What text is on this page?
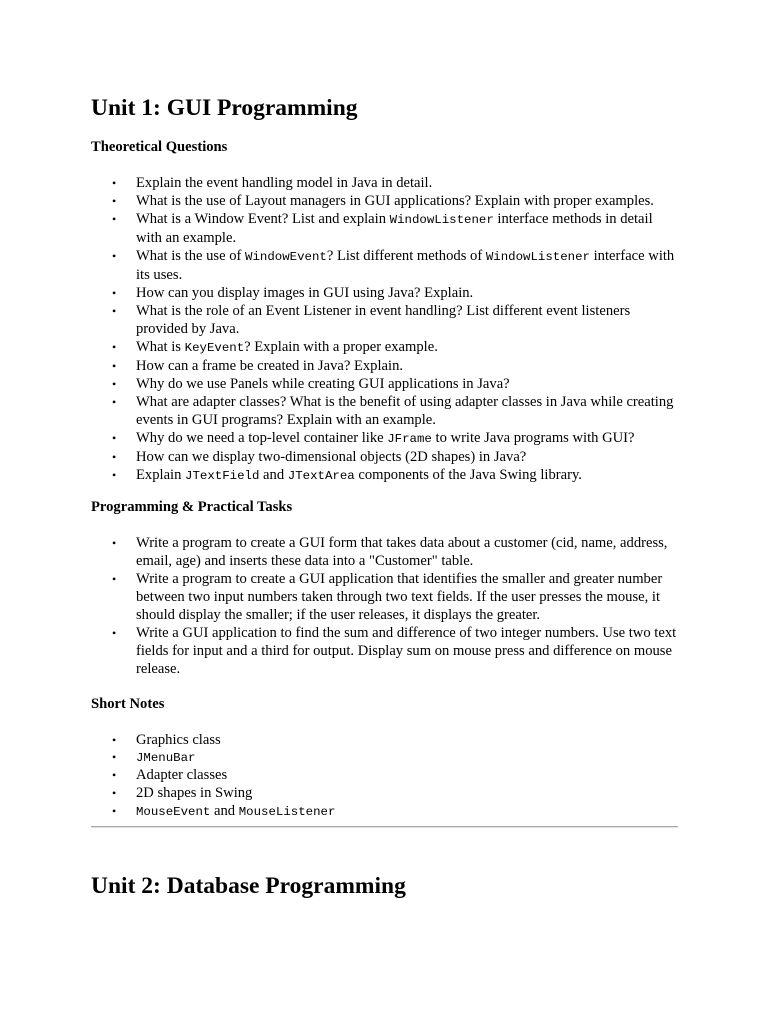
Unit 1: GUI Programming
Theoretical Questions
• Explain the event handling model in Java in detail.
• What is the use of Layout managers in GUI applications? Explain with proper examples.
• What is a Window Event? List and explain WindowListener interface methods in detail with an example.
• What is the use of WindowEvent? List different methods of WindowListener interface with its uses.
• How can you display images in GUI using Java? Explain.
• What is the role of an Event Listener in event handling? List different event listeners provided by Java.
• What is KeyEvent? Explain with a proper example.
• How can a frame be created in Java? Explain.
• Why do we use Panels while creating GUI applications in Java?
• What are adapter classes? What is the benefit of using adapter classes in Java while creating events in GUI programs? Explain with an example.
• Why do we need a top-level container like JFrame to write Java programs with GUI?
• How can we display two-dimensional objects (2D shapes) in Java?
• Explain JTextField and JTextArea components of the Java Swing library.
Programming & Practical Tasks
• Write a program to create a GUI form that takes data about a customer (cid, name, address, email, age) and inserts these data into a "Customer" table.
• Write a program to create a GUI application that identifies the smaller and greater number between two input numbers taken through two text fields. If the user presses the mouse, it should display the smaller; if the user releases, it displays the greater.
• Write a GUI application to find the sum and difference of two integer numbers. Use two text fields for input and a third for output. Display sum on mouse press and difference on mouse release.
Short Notes
• Graphics class
• JMenuBar
• Adapter classes
• 2D shapes in Swing
• MouseEvent and MouseListener
Unit 2: Database Programming
